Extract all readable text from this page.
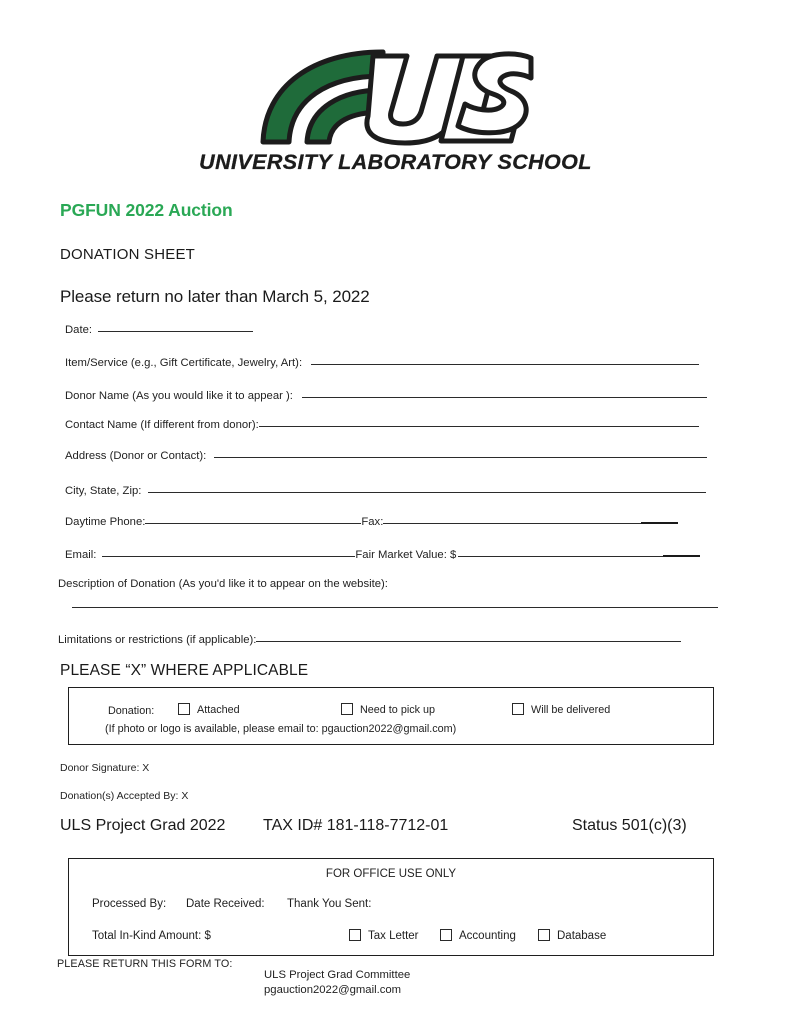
UNIVERSITY LABORATORY SCHOOL
PGFUN 2022 Auction
DONATION SHEET
Please return no later than March 5, 2022
Date:
Item/Service (e.g., Gift Certificate, Jewelry, Art):
Donor Name (As you would like it to appear ):
Contact Name (If different from donor):
Address (Donor or Contact):
City, State, Zip:
Daytime Phone:	Fax:
Email:	Fair Market Value: $
Description of Donation (As you'd like it to appear on the website):
Limitations or restrictions (if applicable):
PLEASE “X” WHERE APPLICABLE
Donation:	Attached	Need to pick up	Will be delivered
(If photo or logo is available, please email to: pgauction2022@gmail.com)
Donor Signature: X
Donation(s) Accepted By: X
ULS Project Grad 2022 TAX ID# 181-118-7712-01	Status 501(c)(3)
FOR OFFICE USE ONLY
Processed By: Date Received: Thank You Sent:
Total In-Kind Amount: $	Tax Letter	Accounting	Database
PLEASE RETURN THIS FORM TO:
ULS Project Grad Committee
pgauction2022@gmail.com
